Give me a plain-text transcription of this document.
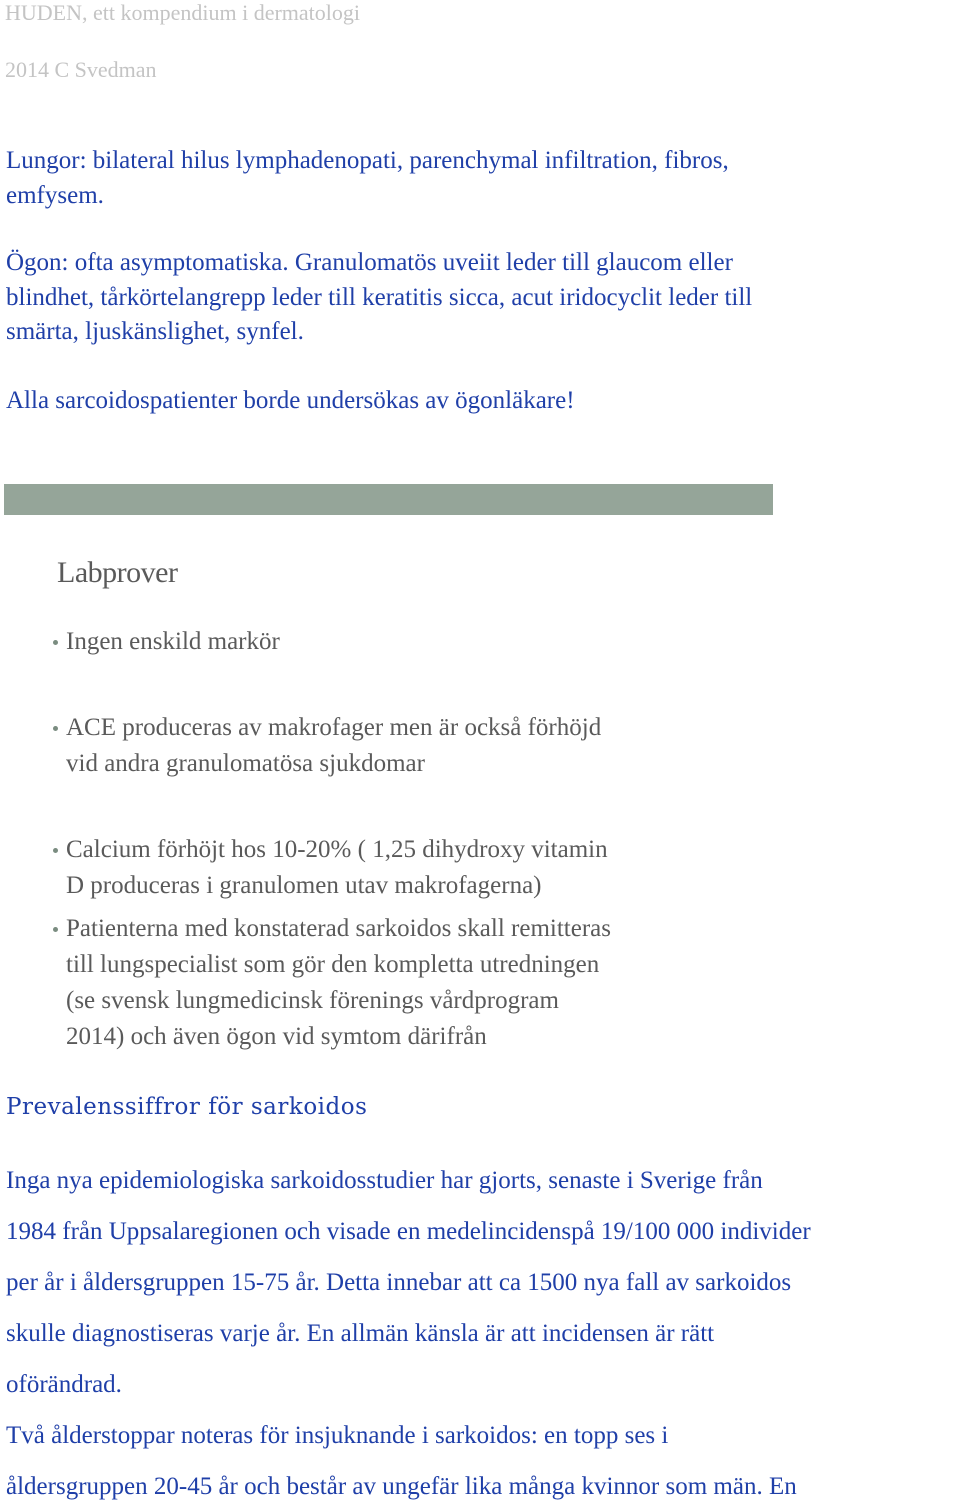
HUDEN, ett kompendium i dermatologi
2014 C Svedman
Lungor: bilateral hilus lymphadenopati, parenchymal infiltration, fibros,
emfysem.
Ögon: ofta asymptomatiska. Granulomatös uveiit leder till glaucom eller
blindhet, tårkörtelangrepp leder till keratitis sicca, acut iridocyclit leder till
smärta, ljuskänslighet, synfel.
Alla sarcoidospatienter borde undersökas av ögonläkare!
Labprover
Ingen enskild markör
ACE produceras av makrofager men är också förhöjd
vid andra granulomatösa sjukdomar
Calcium förhöjt hos 10-20% ( 1,25 dihydroxy vitamin
D produceras i granulomen utav makrofagerna)
Patienterna med konstaterad sarkoidos skall remitteras
till lungspecialist som gör den kompletta utredningen
(se svensk lungmedicinsk förenings vårdprogram
2014) och även ögon vid symtom därifrån
Prevalenssiffror för sarkoidos
Inga nya epidemiologiska sarkoidosstudier har gjorts, senaste i Sverige från
1984 från Uppsalaregionen och visade en medelincidenspå 19/100 000 individer
per år i åldersgruppen 15-75 år. Detta innebar att ca 1500 nya fall av sarkoidos
skulle diagnostiseras varje år. En allmän känsla är att incidensen är rätt
oförändrad.
Två ålderstoppar noteras för insjuknande i sarkoidos: en topp ses i
åldersgruppen 20-45 år och består av ungefär lika många kvinnor som män. En
